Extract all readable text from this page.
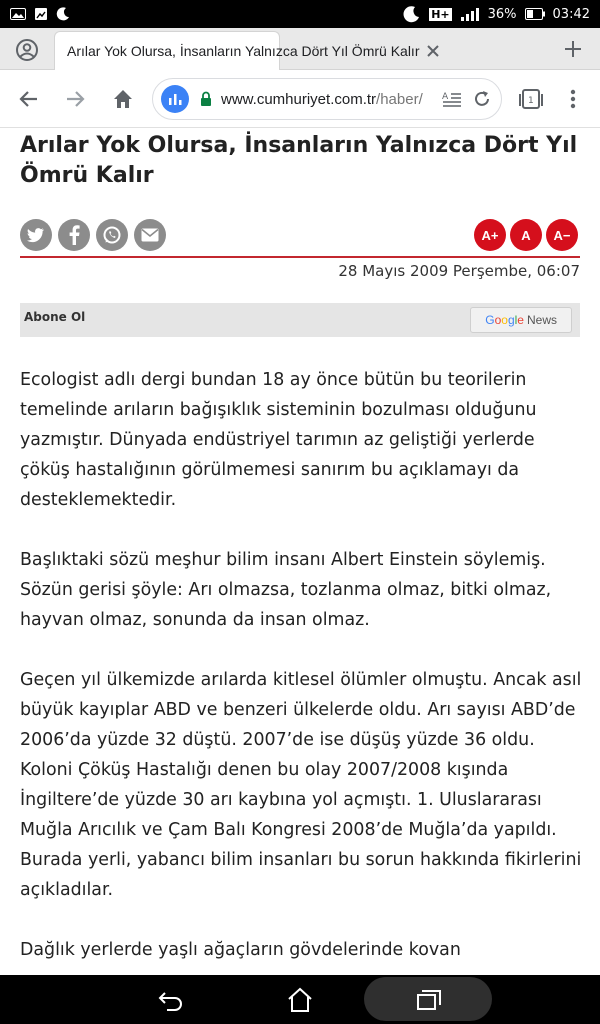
H+	36%	03:42
Arılar Yok Olursa, İnsanların Yalnızca Dört Yıl Ömrü Kalır
www.cumhuriyet.com.tr/haber/	A	1
Arılar Yok Olursa, İnsanların Yalnızca Dört Yıl Ömrü Kalır
A+	A	A−
28 Mayıs 2009 Perşembe, 06:07
Abone Ol	Google News

Ecologist adlı dergi bundan 18 ay önce bütün bu teorilerin temelinde arıların bağışıklık sisteminin bozulması olduğunu yazmıştır. Dünyada endüstriyel tarımın az geliştiği yerlerde çöküş hastalığının görülmemesi sanırım bu açıklamayı da desteklemektedir.

Başlıktaki sözü meşhur bilim insanı Albert Einstein söylemiş. Sözün gerisi şöyle: Arı olmazsa, tozlanma olmaz, bitki olmaz, hayvan olmaz, sonunda da insan olmaz.

Geçen yıl ülkemizde arılarda kitlesel ölümler olmuştu. Ancak asıl büyük kayıplar ABD ve benzeri ülkelerde oldu. Arı sayısı ABD’de 2006’da yüzde 32 düştü. 2007’de ise düşüş yüzde 36 oldu. Koloni Çöküş Hastalığı denen bu olay 2007/2008 kışında İngiltere’de yüzde 30 arı kaybına yol açmıştı. 1. Uluslararası Muğla Arıcılık ve Çam Balı Kongresi 2008’de Muğla’da yapıldı. Burada yerli, yabancı bilim insanları bu sorun hakkında fikirlerini açıkladılar.

Dağlık yerlerde yaşlı ağaçların gövdelerinde kovan
